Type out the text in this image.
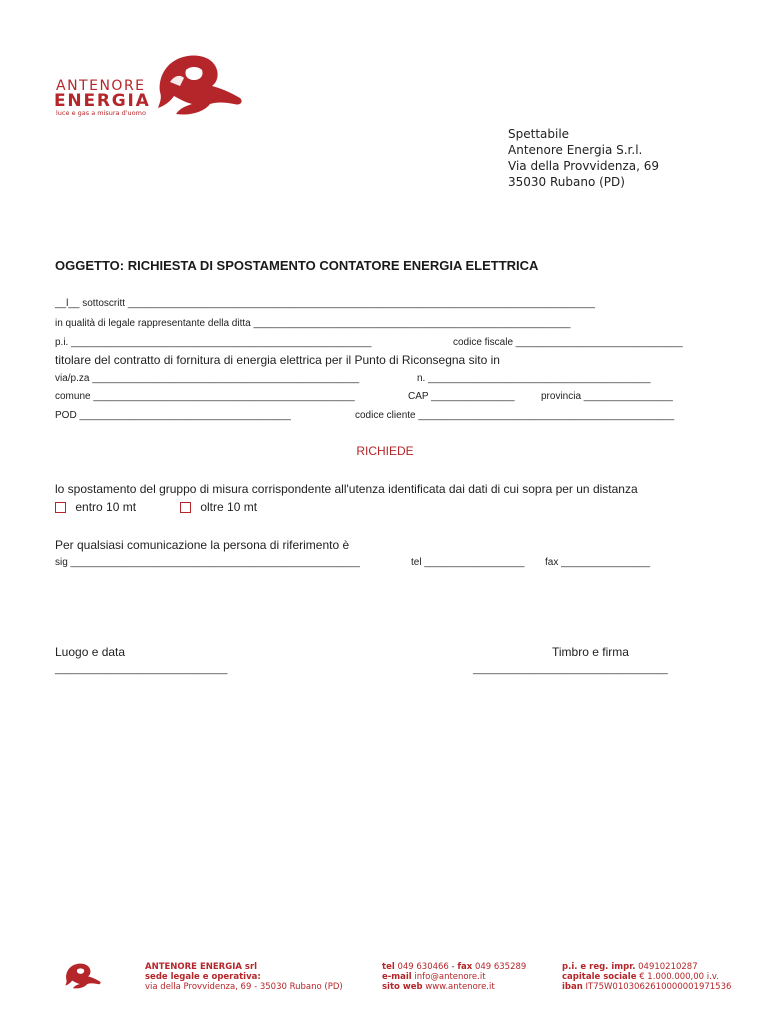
ANTENORE
ENERGIA
luce e gas a misura d'uomo
Spettabile
Antenore Energia S.r.l.
Via della Provvidenza, 69
35030 Rubano (PD)
OGGETTO: RICHIESTA DI SPOSTAMENTO CONTATORE ENERGIA ELETTRICA
__l__ sottoscritt ____________________________________________________________________________________
in qualità di legale rappresentante della ditta _________________________________________________________
p.i. ______________________________________________________	codice fiscale ______________________________
titolare del contratto di fornitura di energia elettrica per il Punto di Riconsegna sito in
via/p.za ________________________________________________	n. ________________________________________
comune _______________________________________________	CAP _______________	provincia ________________
POD ______________________________________	codice cliente ______________________________________________
RICHIEDE
lo spostamento del gruppo di misura corrispondente all'utenza identificata dai dati di cui sopra per un distanza
entro 10 mt	oltre 10 mt
Per qualsiasi comunicazione la persona di riferimento è
sig ____________________________________________________	tel __________________ fax ________________
Luogo e data
_______________________________
Timbro e firma
___________________________________
ANTENORE ENERGIA srl
sede legale e operativa:
via della Provvidenza, 69 - 35030 Rubano (PD)
tel 049 630466 - fax 049 635289
e-mail info@antenore.it
sito web www.antenore.it
p.i. e reg. impr. 04910210287
capitale sociale € 1.000.000,00 i.v.
iban IT75W0103062610000001971536
